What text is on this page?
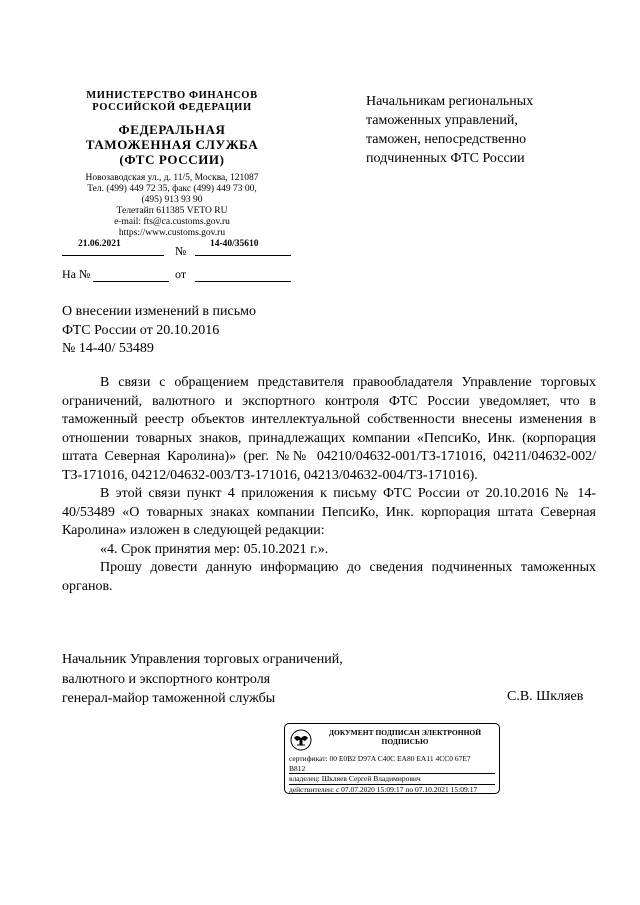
МИНИСТЕРСТВО ФИНАНСОВ
РОССИЙСКОЙ ФЕДЕРАЦИИ
ФЕДЕРАЛЬНАЯ
ТАМОЖЕННАЯ СЛУЖБА
(ФТС РОССИИ)
Новозаводская ул., д. 11/5, Москва, 121087
Тел. (499) 449 72 35, факс (499) 449 73 00,
(495) 913 93 90
Телетайп 611385 VETO RU
e-mail: fts@ca.customs.gov.ru
https://www.customs.gov.ru
21.06.2021	№ 14-40/35610
На №	от
Начальникам региональных
таможенных управлений,
таможен, непосредственно
подчиненных ФТС России
О внесении изменений в письмо
ФТС России от 20.10.2016
№ 14-40/ 53489

В связи с обращением представителя правообладателя Управление торговых ограничений, валютного и экспортного контроля ФТС России уведомляет, что в таможенный реестр объектов интеллектуальной собственности внесены изменения в отношении товарных знаков, принадлежащих компании «ПепсиКо, Инк. (корпорация штата Северная Каролина)» (рег. №№ 04210/04632-001/ТЗ-171016, 04211/04632-002/ТЗ-171016, 04212/04632-003/ТЗ-171016, 04213/04632-004/ТЗ-171016).

В этой связи пункт 4 приложения к письму ФТС России от 20.10.2016 № 14-40/53489 «О товарных знаках компании ПепсиКо, Инк. корпорация штата Северная Каролина» изложен в следующей редакции:

«4. Срок принятия мер: 05.10.2021 г.».

Прошу довести данную информацию до сведения подчиненных таможенных органов.

Начальник Управления торговых ограничений,
валютного и экспортного контроля
генерал-майор таможенной службы	С.В. Шкляев
ДОКУМЕНТ ПОДПИСАН ЭЛЕКТРОННОЙ
ПОДПИСЬЮ
сертификат: 00 E0B2 D97A C40C EA80 EA11 4CC0 67E7
B812
владелец: Шкляев Сергей Владимирович
действителен: с 07.07.2020 15:09:17 по 07.10.2021 15:09:17
